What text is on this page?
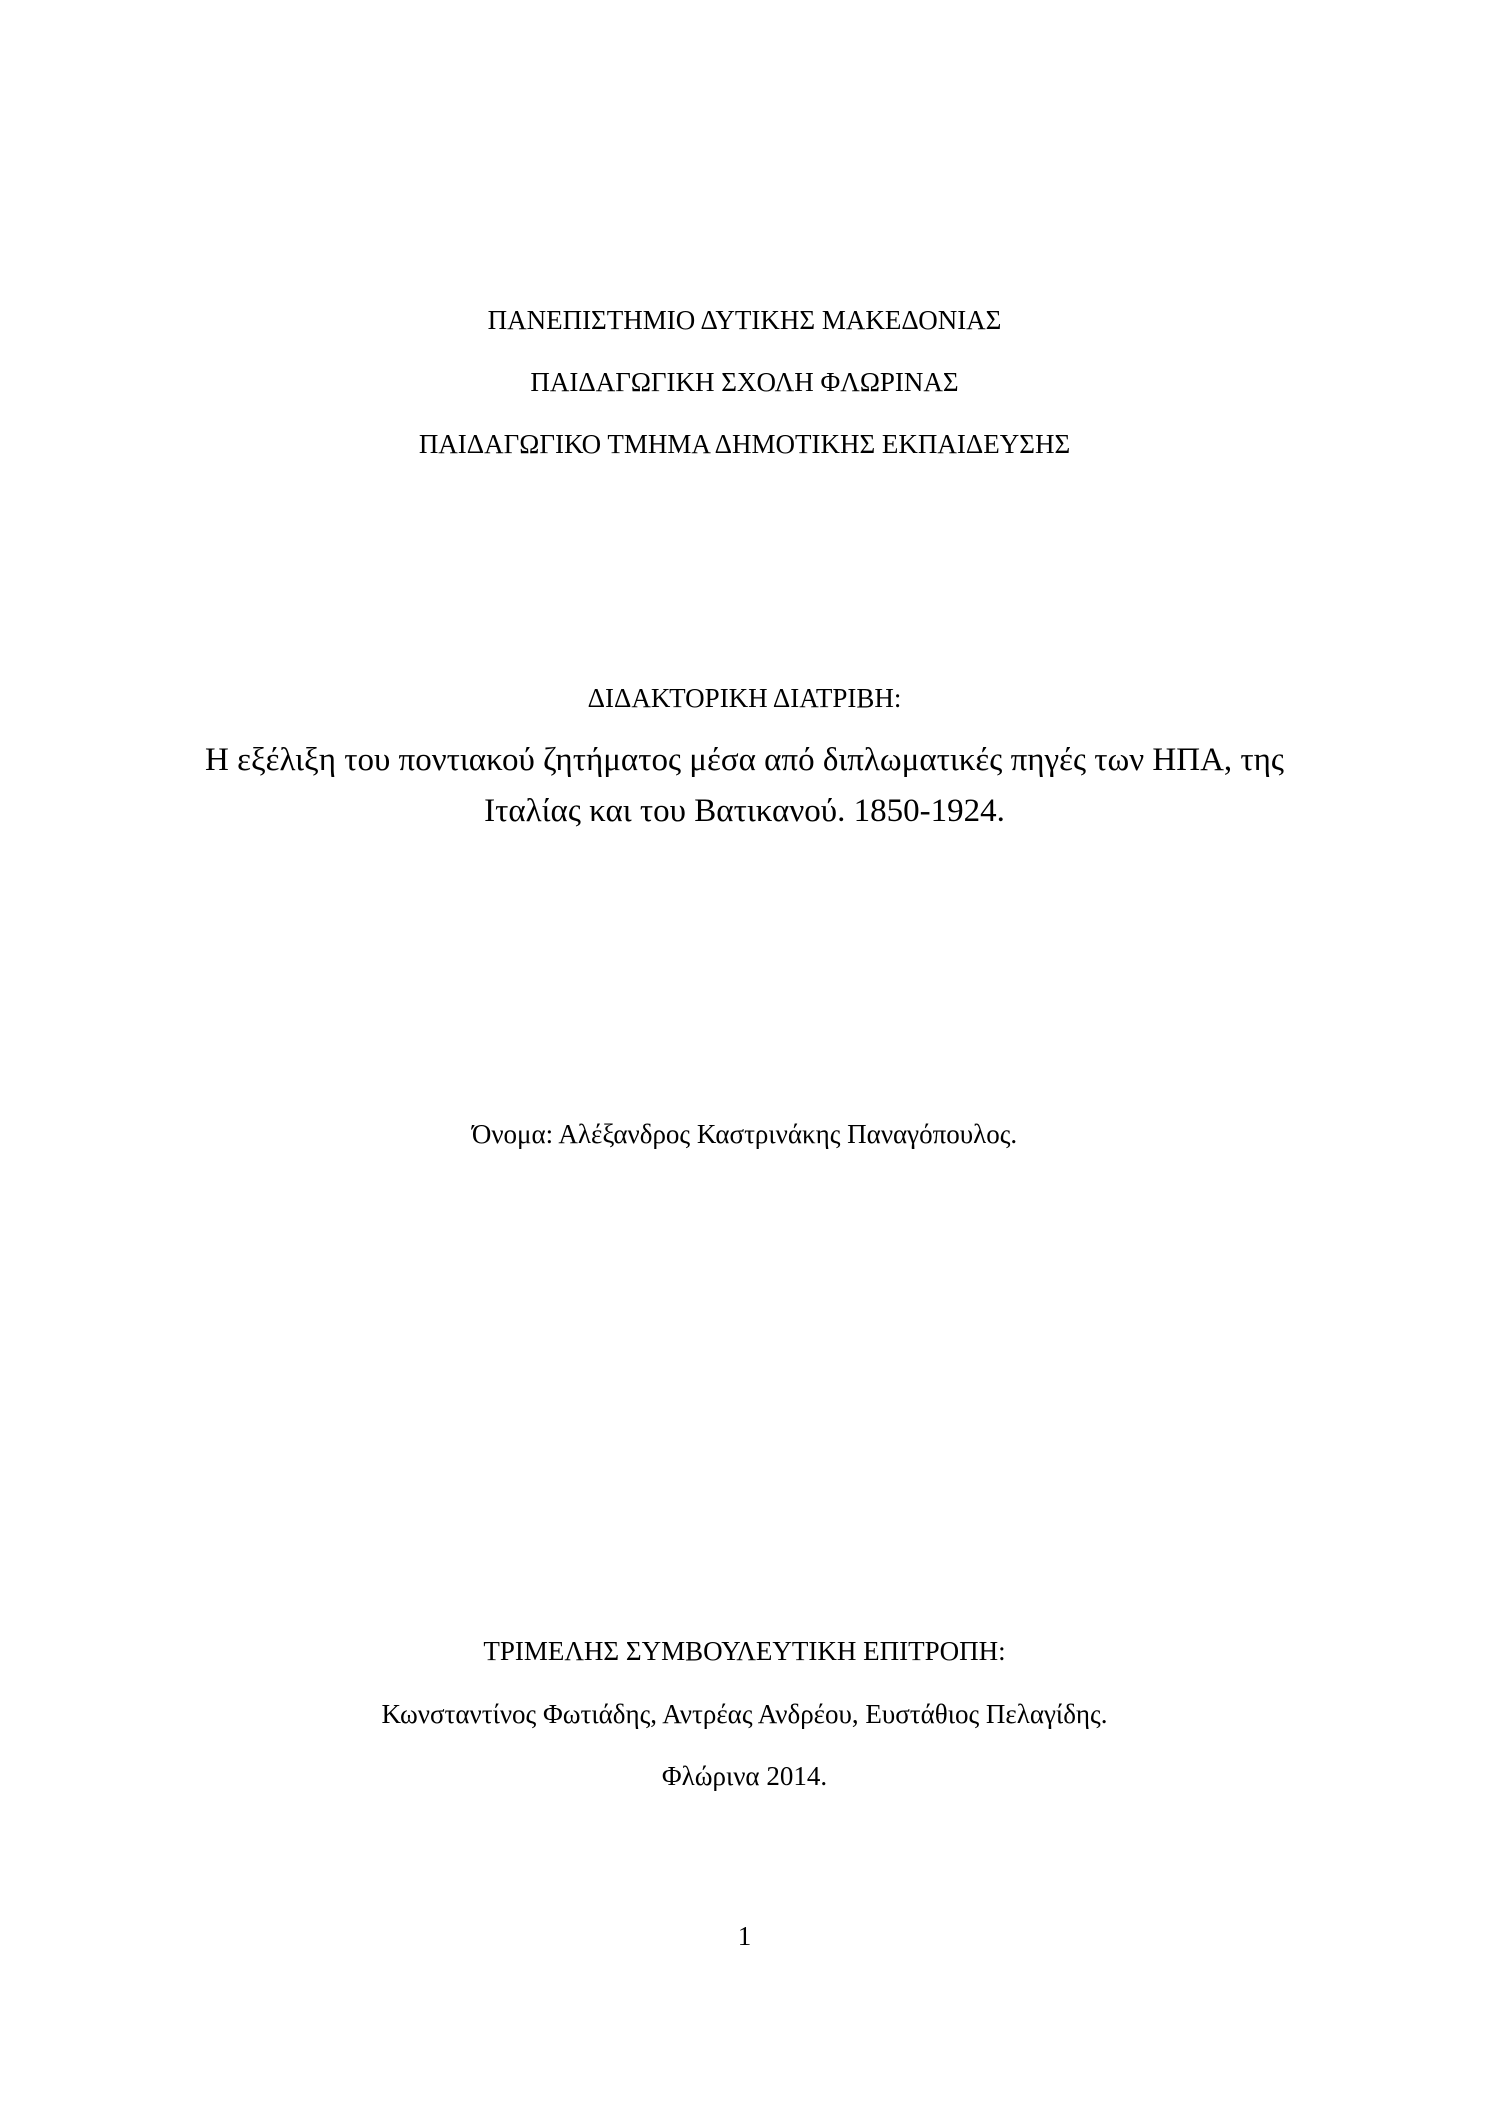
ΠΑΝΕΠΙΣΤΗΜΙΟ ΔΥΤΙΚΗΣ ΜΑΚΕΔΟΝΙΑΣ
ΠΑΙΔΑΓΩΓΙΚΗ ΣΧΟΛΗ ΦΛΩΡΙΝΑΣ
ΠΑΙΔΑΓΩΓΙΚΟ ΤΜΗΜΑ ΔΗΜΟΤΙΚΗΣ ΕΚΠΑΙΔΕΥΣΗΣ
ΔΙΔΑΚΤΟΡΙΚΗ ΔΙΑΤΡΙΒΗ:
Η εξέλιξη του ποντιακού ζητήματος μέσα από διπλωματικές πηγές των ΗΠΑ, της
Ιταλίας και του Βατικανού. 1850-1924.
Όνομα: Αλέξανδρος Καστρινάκης Παναγόπουλος.
ΤΡΙΜΕΛΗΣ ΣΥΜΒΟΥΛΕΥΤΙΚΗ ΕΠΙΤΡΟΠΗ:
Κωνσταντίνος Φωτιάδης, Αντρέας Ανδρέου, Ευστάθιος Πελαγίδης.
Φλώρινα 2014.
1
